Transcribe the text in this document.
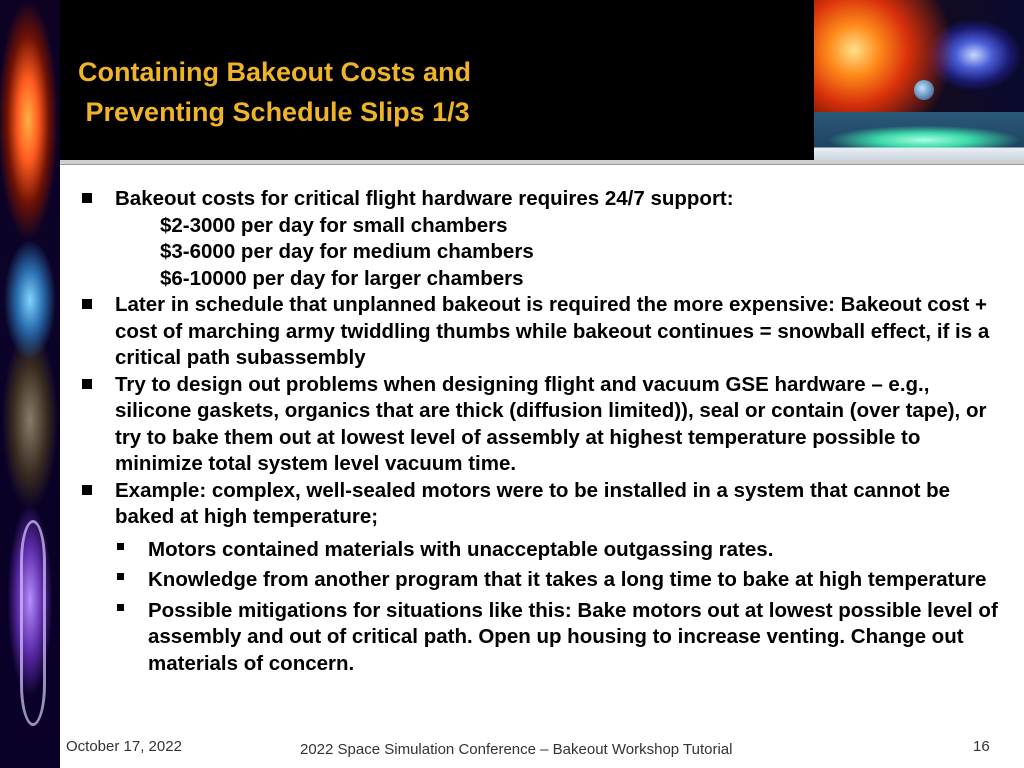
Containing Bakeout Costs and
Preventing Schedule Slips 1/3
Bakeout costs for critical flight hardware requires 24/7 support:
$2-3000 per day for small chambers
$3-6000 per day for medium chambers
$6-10000 per day for larger chambers
Later in schedule that unplanned bakeout is required the more expensive: Bakeout cost + cost of marching army twiddling thumbs while bakeout continues = snowball effect, if is a critical path subassembly
Try to design out problems when designing flight and vacuum GSE hardware – e.g., silicone gaskets, organics that are thick (diffusion limited)), seal or contain (over tape), or try to bake them out at lowest level of assembly at highest temperature possible to minimize total system level vacuum time.
Example: complex, well-sealed motors were to be installed in a system that cannot be baked at high temperature;
Motors contained materials with unacceptable outgassing rates.
Knowledge from another program that it takes a long time to bake at high temperature
Possible mitigations for situations like this: Bake motors out at lowest possible level of assembly and out of critical path. Open up housing to increase venting. Change out materials of concern.
October 17, 2022	2022 Space Simulation Conference – Bakeout Workshop Tutorial	16
